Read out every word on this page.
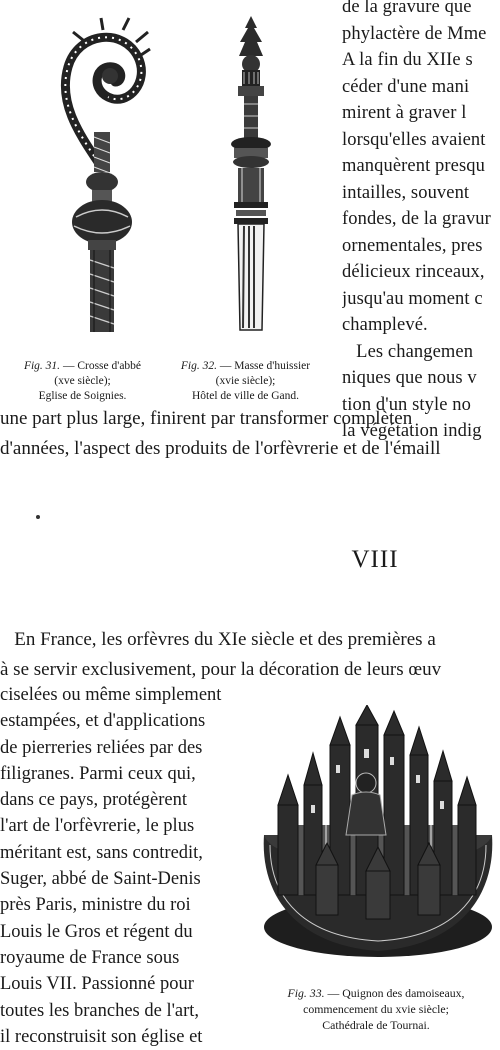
Fig. 31. — Crosse d'abbé
(xve siècle);
Eglise de Soignies.
Fig. 32. — Masse d'huissier
(xvie siècle);
Hôtel de ville de Gand.
de la gravure que
phylactère de Mme
A la fin du XIIe s
céder d'une mani
mirent à graver l
lorsqu'elles avaient
manquèrent presqu
intailles, souvent
fondes, de la gravur
ornementales, pres
délicieux rinceaux,
jusqu'au moment c
champlevé.
Les changemen
niques que nous v
tion d'un style no
la végétation indig
une part plus large, finirent par transformer complèten
d'années, l'aspect des produits de l'orfèvrerie et de l'émaill
VIII
En France, les orfèvres du XIe siècle et des premières a
à se servir exclusivement, pour la décoration de leurs œuv
ciselées ou même simplement
estampées, et d'applications
de pierreries reliées par des
filigranes. Parmi ceux qui,
dans ce pays, protégèrent
l'art de l'orfèvrerie, le plus
méritant est, sans contredit,
Suger, abbé de Saint-Denis
près Paris, ministre du roi
Louis le Gros et régent du
royaume de France sous
Louis VII. Passionné pour
toutes les branches de l'art,
il reconstruisit son église et
Fig. 33. — Quignon des damoiseaux,
commencement du xvie siècle;
Cathédrale de Tournai.
